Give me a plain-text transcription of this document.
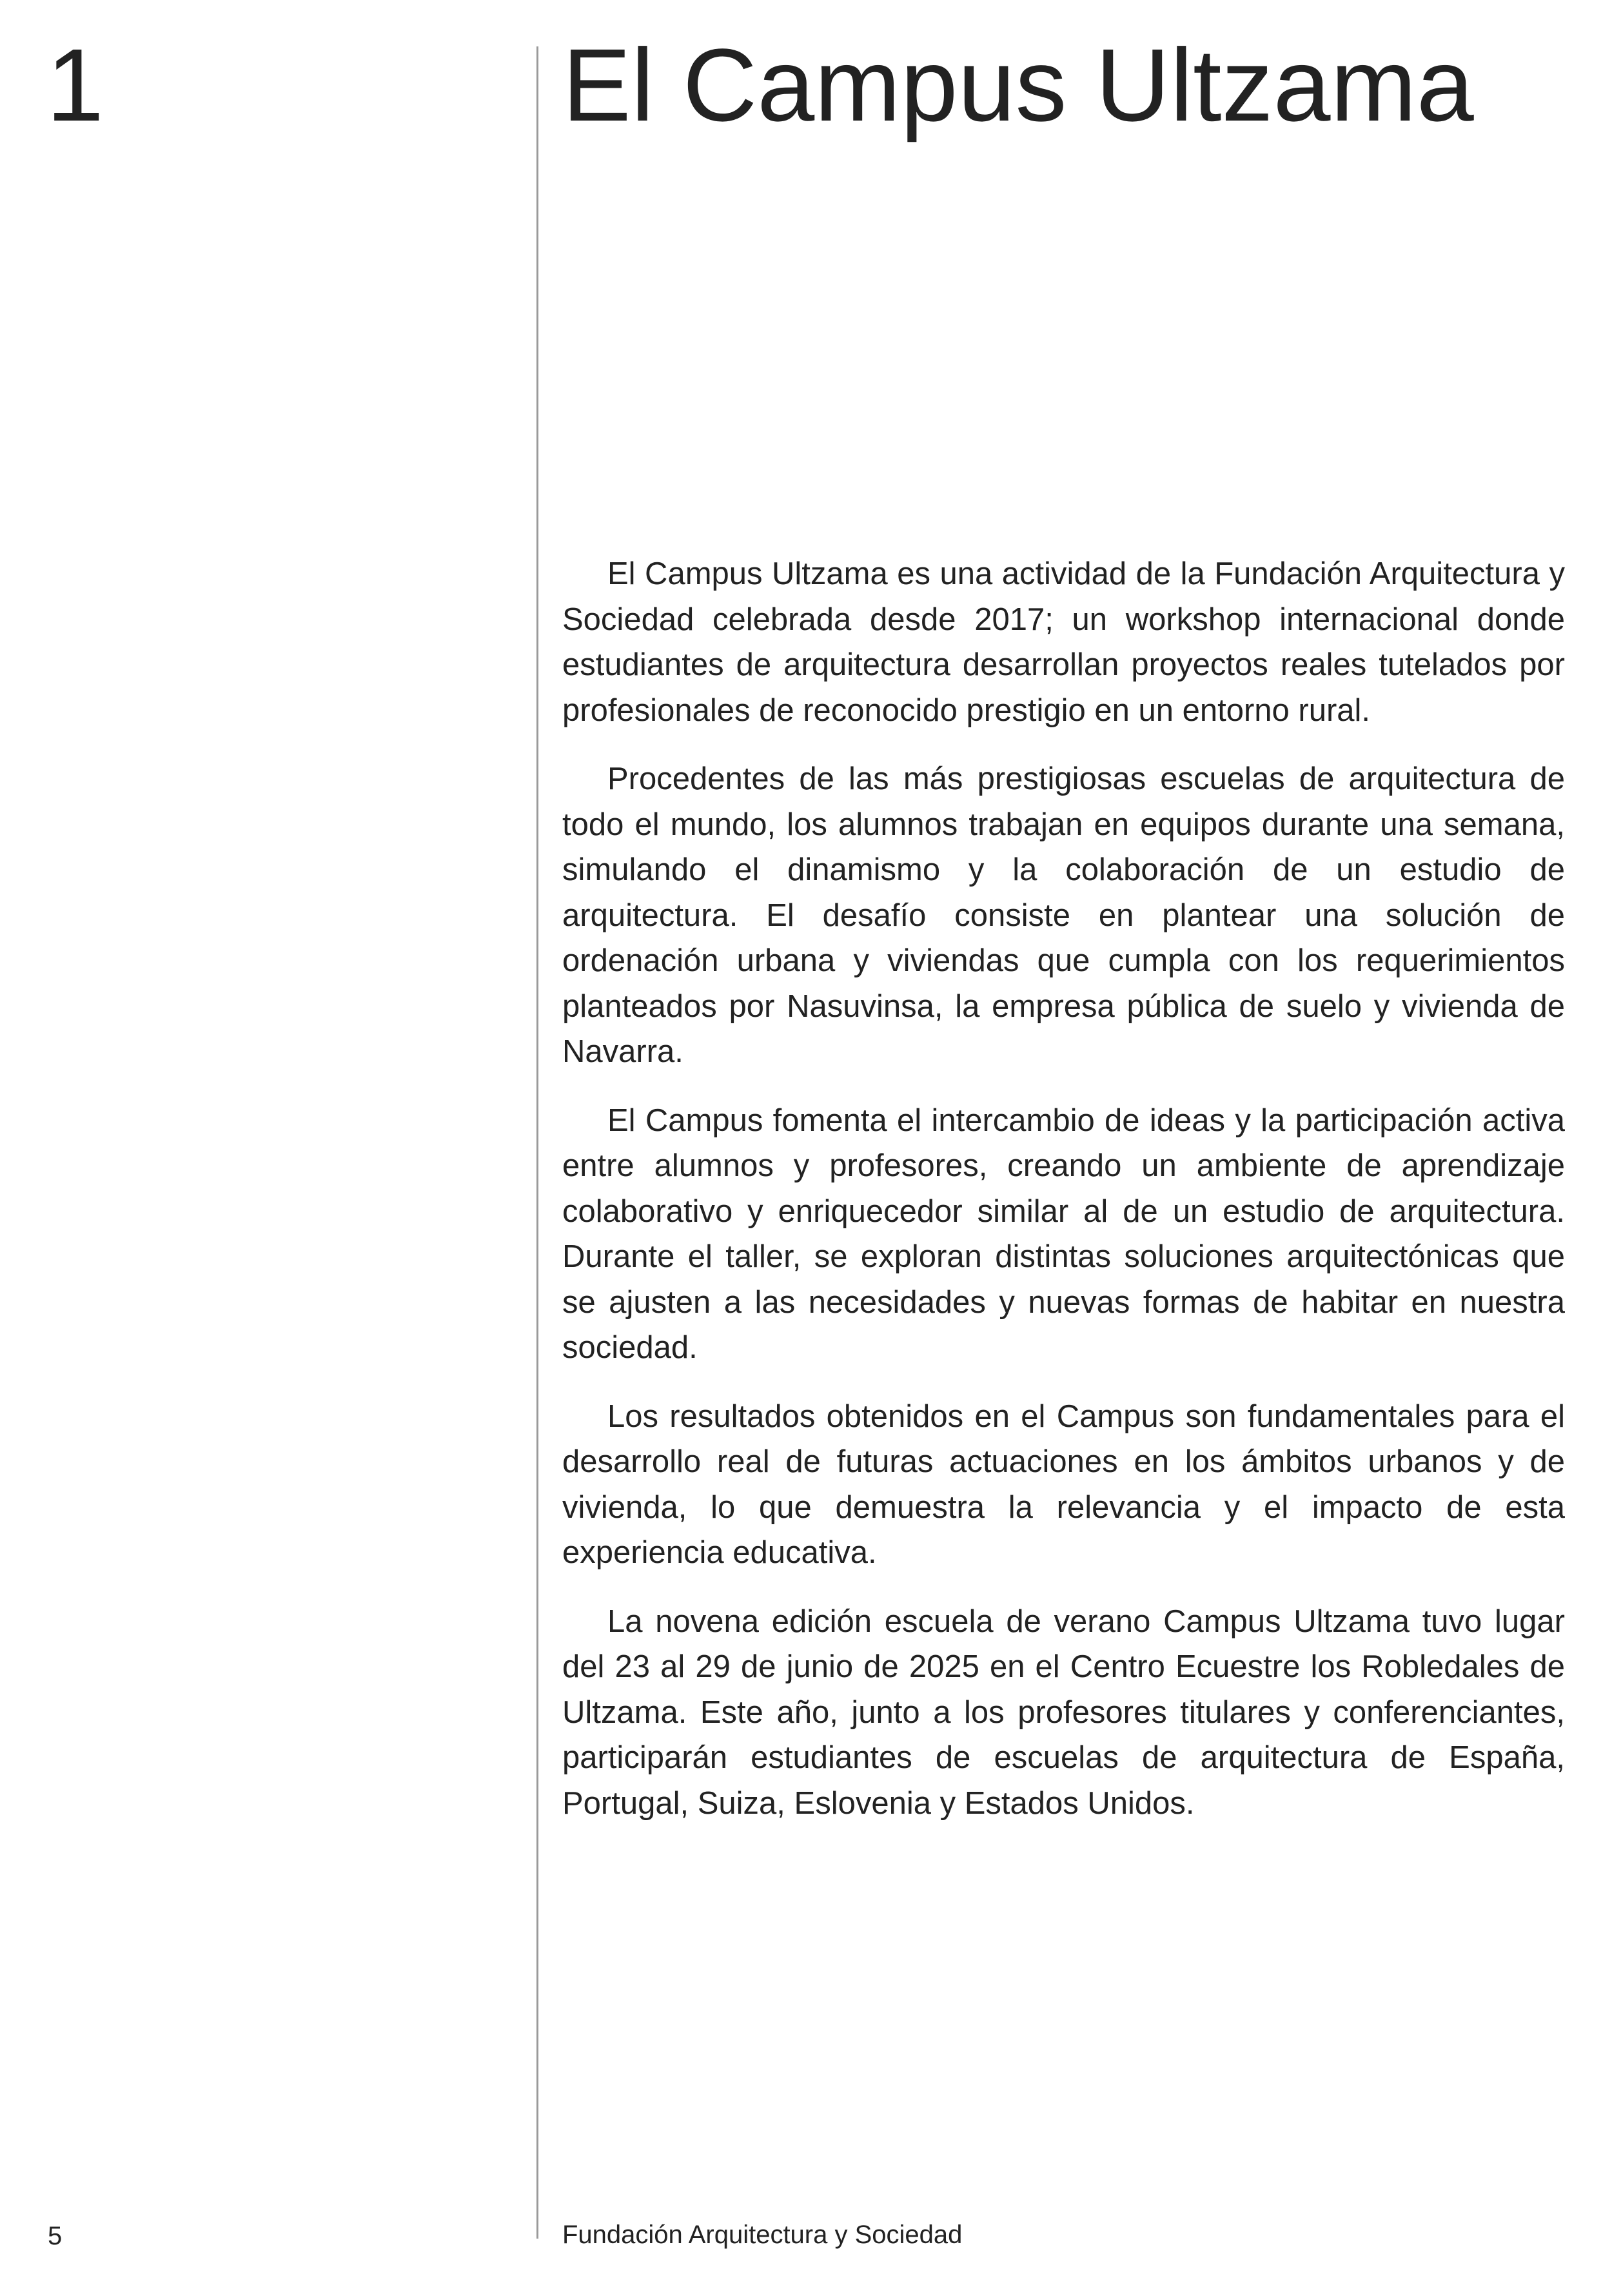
1	El Campus Ultzama

El Campus Ultzama es una actividad de la Fundación Arquitectura y Sociedad celebrada desde 2017; un workshop internacional donde estudiantes de arquitectura desarrollan proyectos reales tutelados por profesionales de reconocido prestigio en un entorno rural.

Procedentes de las más prestigiosas escuelas de arquitectura de todo el mundo, los alumnos trabajan en equipos durante una semana, simulando el dinamismo y la colaboración de un estudio de arquitectura. El desafío consiste en plantear una solución de ordenación urbana y viviendas que cumpla con los requerimientos planteados por Nasuvinsa, la empresa pública de suelo y vivienda de Navarra.

El Campus fomenta el intercambio de ideas y la participación activa entre alumnos y profesores, creando un ambiente de aprendizaje colaborativo y enriquecedor similar al de un estudio de arquitectura. Durante el taller, se exploran distintas soluciones arquitectónicas que se ajusten a las necesidades y nuevas formas de habitar en nuestra sociedad.

Los resultados obtenidos en el Campus son fundamentales para el desarrollo real de futuras actuaciones en los ámbitos urbanos y de vivienda, lo que demuestra la relevancia y el impacto de esta experiencia educativa.

La novena edición escuela de verano Campus Ultzama tuvo lugar del 23 al 29 de junio de 2025 en el Centro Ecuestre los Robledales de Ultzama. Este año, junto a los profesores titulares y conferenciantes, participarán estudiantes de escuelas de arquitectura de España, Portugal, Suiza, Eslovenia y Estados Unidos.

5	Fundación Arquitectura y Sociedad
